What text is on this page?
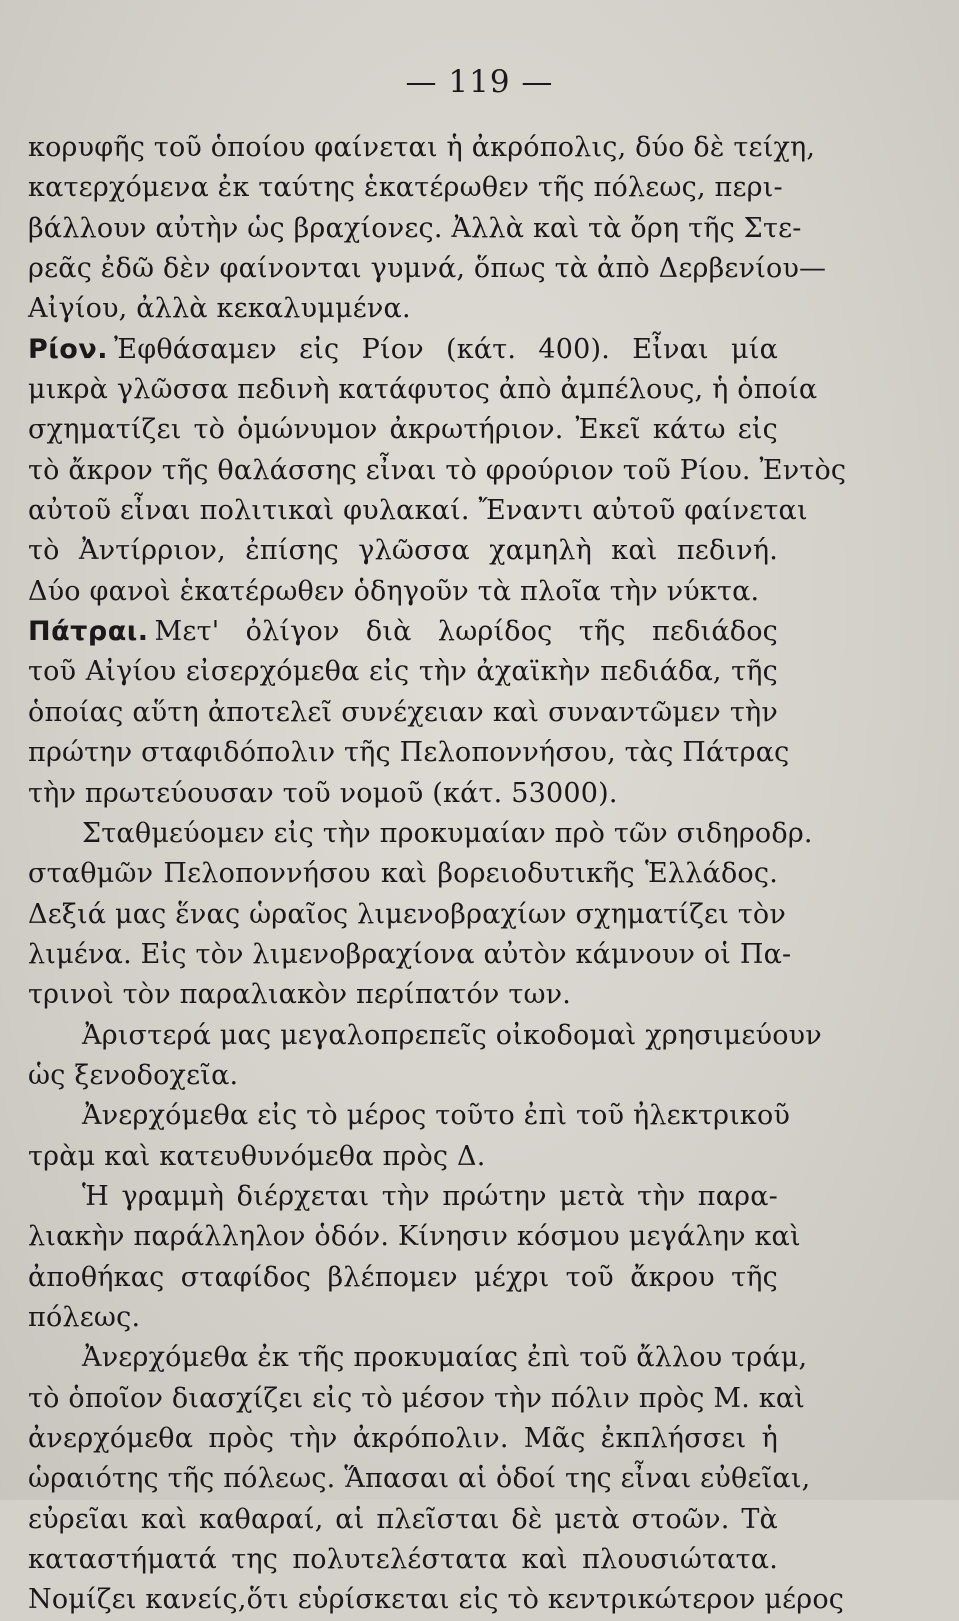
— 119 —
κορυφῆς τοῦ ὁποίου φαίνεται ἡ ἀκρόπολις, δύο δὲ τείχη,
κατερχόμενα ἐκ ταύτης ἑκατέρωθεν τῆς πόλεως, περι-
βάλλουν αὐτὴν ὡς βραχίονες. Ἀλλὰ καὶ τὰ ὄρη τῆς Στε-
ρεᾶς ἐδῶ δὲν φαίνονται γυμνά, ὅπως τὰ ἀπὸ Δερβενίου—
Αἰγίου, ἀλλὰ κεκαλυμμένα.
Ρίον. Ἐφθάσαμεν εἰς Ρίον (κάτ. 400). Εἶναι μία
μικρὰ γλῶσσα πεδινὴ κατάφυτος ἀπὸ ἀμπέλους, ἡ ὁποία
σχηματίζει τὸ ὁμώνυμον ἀκρωτήριον. Ἐκεῖ κάτω εἰς
τὸ ἄκρον τῆς θαλάσσης εἶναι τὸ φρούριον τοῦ Ρίου. Ἐντὸς
αὐτοῦ εἶναι πολιτικαὶ φυλακαί. Ἔναντι αὐτοῦ φαίνεται
τὸ Ἀντίρριον, ἐπίσης γλῶσσα χαμηλὴ καὶ πεδινή.
Δύο φανοὶ ἑκατέρωθεν ὁδηγοῦν τὰ πλοῖα τὴν νύκτα.
Πάτραι. Μετ' ὀλίγον διὰ λωρίδος τῆς πεδιάδος
τοῦ Αἰγίου εἰσερχόμεθα εἰς τὴν ἀχαϊκὴν πεδιάδα, τῆς
ὁποίας αὕτη ἀποτελεῖ συνέχειαν καὶ συναντῶμεν τὴν
πρώτην σταφιδόπολιν τῆς Πελοποννήσου, τὰς Πάτρας
τὴν πρωτεύουσαν τοῦ νομοῦ (κάτ. 53000).
Σταθμεύομεν εἰς τὴν προκυμαίαν πρὸ τῶν σιδηροδρ.
σταθμῶν Πελοποννήσου καὶ βορειοδυτικῆς Ἑλλάδος.
Δεξιά μας ἕνας ὡραῖος λιμενοβραχίων σχηματίζει τὸν
λιμένα. Εἰς τὸν λιμενοβραχίονα αὐτὸν κάμνουν οἱ Πα-
τρινοὶ τὸν παραλιακὸν περίπατόν των.
Ἀριστερά μας μεγαλοπρεπεῖς οἰκοδομαὶ χρησιμεύουν
ὡς ξενοδοχεῖα.
Ἀνερχόμεθα εἰς τὸ μέρος τοῦτο ἐπὶ τοῦ ἠλεκτρικοῦ
τρὰμ καὶ κατευθυνόμεθα πρὸς Δ.
Ἡ γραμμὴ διέρχεται τὴν πρώτην μετὰ τὴν παρα-
λιακὴν παράλληλον ὁδόν. Κίνησιν κόσμου μεγάλην καὶ
ἀποθήκας σταφίδος βλέπομεν μέχρι τοῦ ἄκρου τῆς
πόλεως.
Ἀνερχόμεθα ἐκ τῆς προκυμαίας ἐπὶ τοῦ ἄλλου τράμ,
τὸ ὁποῖον διασχίζει εἰς τὸ μέσον τὴν πόλιν πρὸς Μ. καὶ
ἀνερχόμεθα πρὸς τὴν ἀκρόπολιν. Μᾶς ἐκπλήσσει ἡ
ὡραιότης τῆς πόλεως. Ἅπασαι αἱ ὁδοί της εἶναι εὐθεῖαι,
εὐρεῖαι καὶ καθαραί, αἱ πλεῖσται δὲ μετὰ στοῶν. Τὰ
καταστήματά της πολυτελέστατα καὶ πλουσιώτατα.
Νομίζει κανείς,ὅτι εὑρίσκεται εἰς τὸ κεντρικώτερον μέρος
